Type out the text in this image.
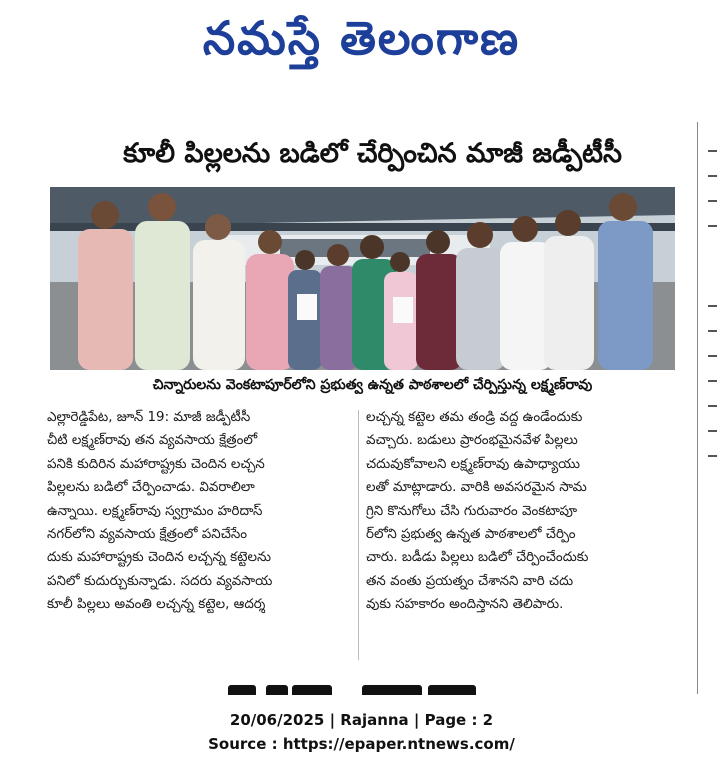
నమస్తే తెలంగాణ
కూలీ పిల్లలను బడిలో చేర్పించిన మాజీ జడ్పీటీసీ
చిన్నారులను వెంకటాపూర్‌లోని ప్రభుత్వ ఉన్నత పాఠశాలలో చేర్పిస్తున్న లక్ష్మణ్‌రావు
ఎల్లారెడ్డిపేట, జూన్ 19: మాజీ జడ్పీటీసీ
చీటి లక్ష్మణ్‌రావు తన వ్యవసాయ క్షేత్రంలో
పనికి కుదిరిన మహారాష్ట్రకు చెందిన లచ్చన
పిల్లలను బడిలో చేర్పించాడు. వివరాలిలా
ఉన్నాయి. లక్ష్మణ్‌రావు స్వగ్రామం హరిదాస్
నగర్‌లోని వ్యవసాయ క్షేత్రంలో పనిచేసేం
దుకు మహారాష్ట్రకు చెందిన లచ్చన్న కట్టెలను
పనిలో కుదుర్చుకున్నాడు. సదరు వ్యవసాయ
కూలీ పిల్లలు అవంతి లచ్చన్న కట్టెల, ఆదర్శ
లచ్చన్న కట్టెల తమ తండ్రి వద్ద ఉండేందుకు
వచ్చారు. బడులు ప్రారంభమైనవేళ పిల్లలు
చదువుకోవాలని లక్ష్మణ్‌రావు ఉపాధ్యాయు
లతో మాట్లాడారు. వారికి అవసరమైన సామ
గ్రిని కొనుగోలు చేసి గురువారం వెంకటాపూ
ర్‌లోని ప్రభుత్వ ఉన్నత పాఠశాలలో చేర్పిం
చారు. బడీడు పిల్లలు బడిలో చేర్పించేందుకు
తన వంతు ప్రయత్నం చేశానని వారి చదు
వుకు సహకారం అందిస్తానని తెలిపారు.
20/06/2025 | Rajanna | Page : 2
Source : https://epaper.ntnews.com/
